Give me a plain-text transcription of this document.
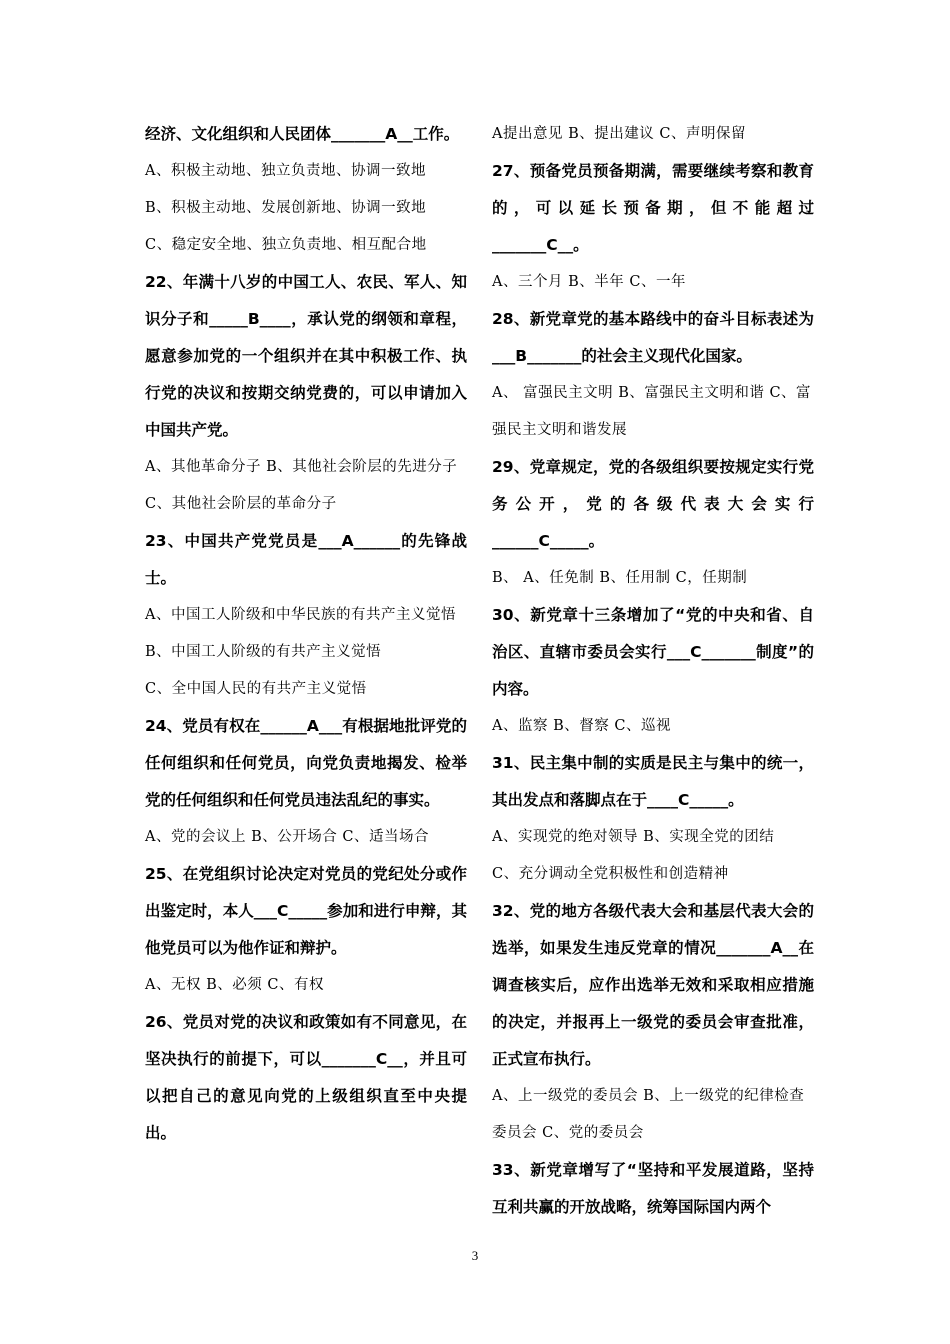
经济、文化组织和人民团体_______A__工作。

A、积极主动地、独立负责地、协调一致地

B、积极主动地、发展创新地、协调一致地

C、稳定安全地、独立负责地、相互配合地

22、年满十八岁的中国工人、农民、军人、知识分子和_____B____，承认党的纲领和章程，愿意参加党的一个组织并在其中积极工作、执行党的决议和按期交纳党费的，可以申请加入中国共产党。

A、其他革命分子 B、其他社会阶层的先进分子 C、其他社会阶层的革命分子

23、中国共产党党员是___A______的先锋战士。

A、中国工人阶级和中华民族的有共产主义觉悟 B、中国工人阶级的有共产主义觉悟

C、全中国人民的有共产主义觉悟

24、党员有权在______A___有根据地批评党的任何组织和任何党员，向党负责地揭发、检举党的任何组织和任何党员违法乱纪的事实。

A、党的会议上 B、公开场合 C、适当场合

25、在党组织讨论决定对党员的党纪处分或作出鉴定时，本人___C_____参加和进行申辩，其他党员可以为他作证和辩护。

A、无权 B、必须 C、有权

26、党员对党的决议和政策如有不同意见，在坚决执行的前提下，可以_______C__，并且可以把自己的意见向党的上级组织直至中央提出。

A提出意见 B、提出建议 C、声明保留

27、预备党员预备期满，需要继续考察和教育的，可以延长预备期，但不能超过_______C__。

A、三个月 B、半年 C、一年

28、新党章党的基本路线中的奋斗目标表述为___B_______的社会主义现代化国家。

A、 富强民主文明 B、富强民主文明和谐 C、富强民主文明和谐发展

29、党章规定，党的各级组织要按规定实行党务公开，党的各级代表大会实行______C_____。

B、 A、任免制 B、任用制 C，任期制

30、新党章十三条增加了“党的中央和省、自治区、直辖市委员会实行___C_______制度”的内容。

A、监察 B、督察 C、巡视

31、民主集中制的实质是民主与集中的统一，其出发点和落脚点在于____C_____。

A、实现党的绝对领导 B、实现全党的团结

C、充分调动全党积极性和创造精神

32、党的地方各级代表大会和基层代表大会的选举，如果发生违反党章的情况_______A__在调查核实后，应作出选举无效和采取相应措施的决定，并报再上一级党的委员会审查批准，正式宣布执行。

A、上一级党的委员会 B、上一级党的纪律检查委员会 C、党的委员会

33、新党章增写了“坚持和平发展道路，坚持互利共赢的开放战略，统筹国际国内两个

3
